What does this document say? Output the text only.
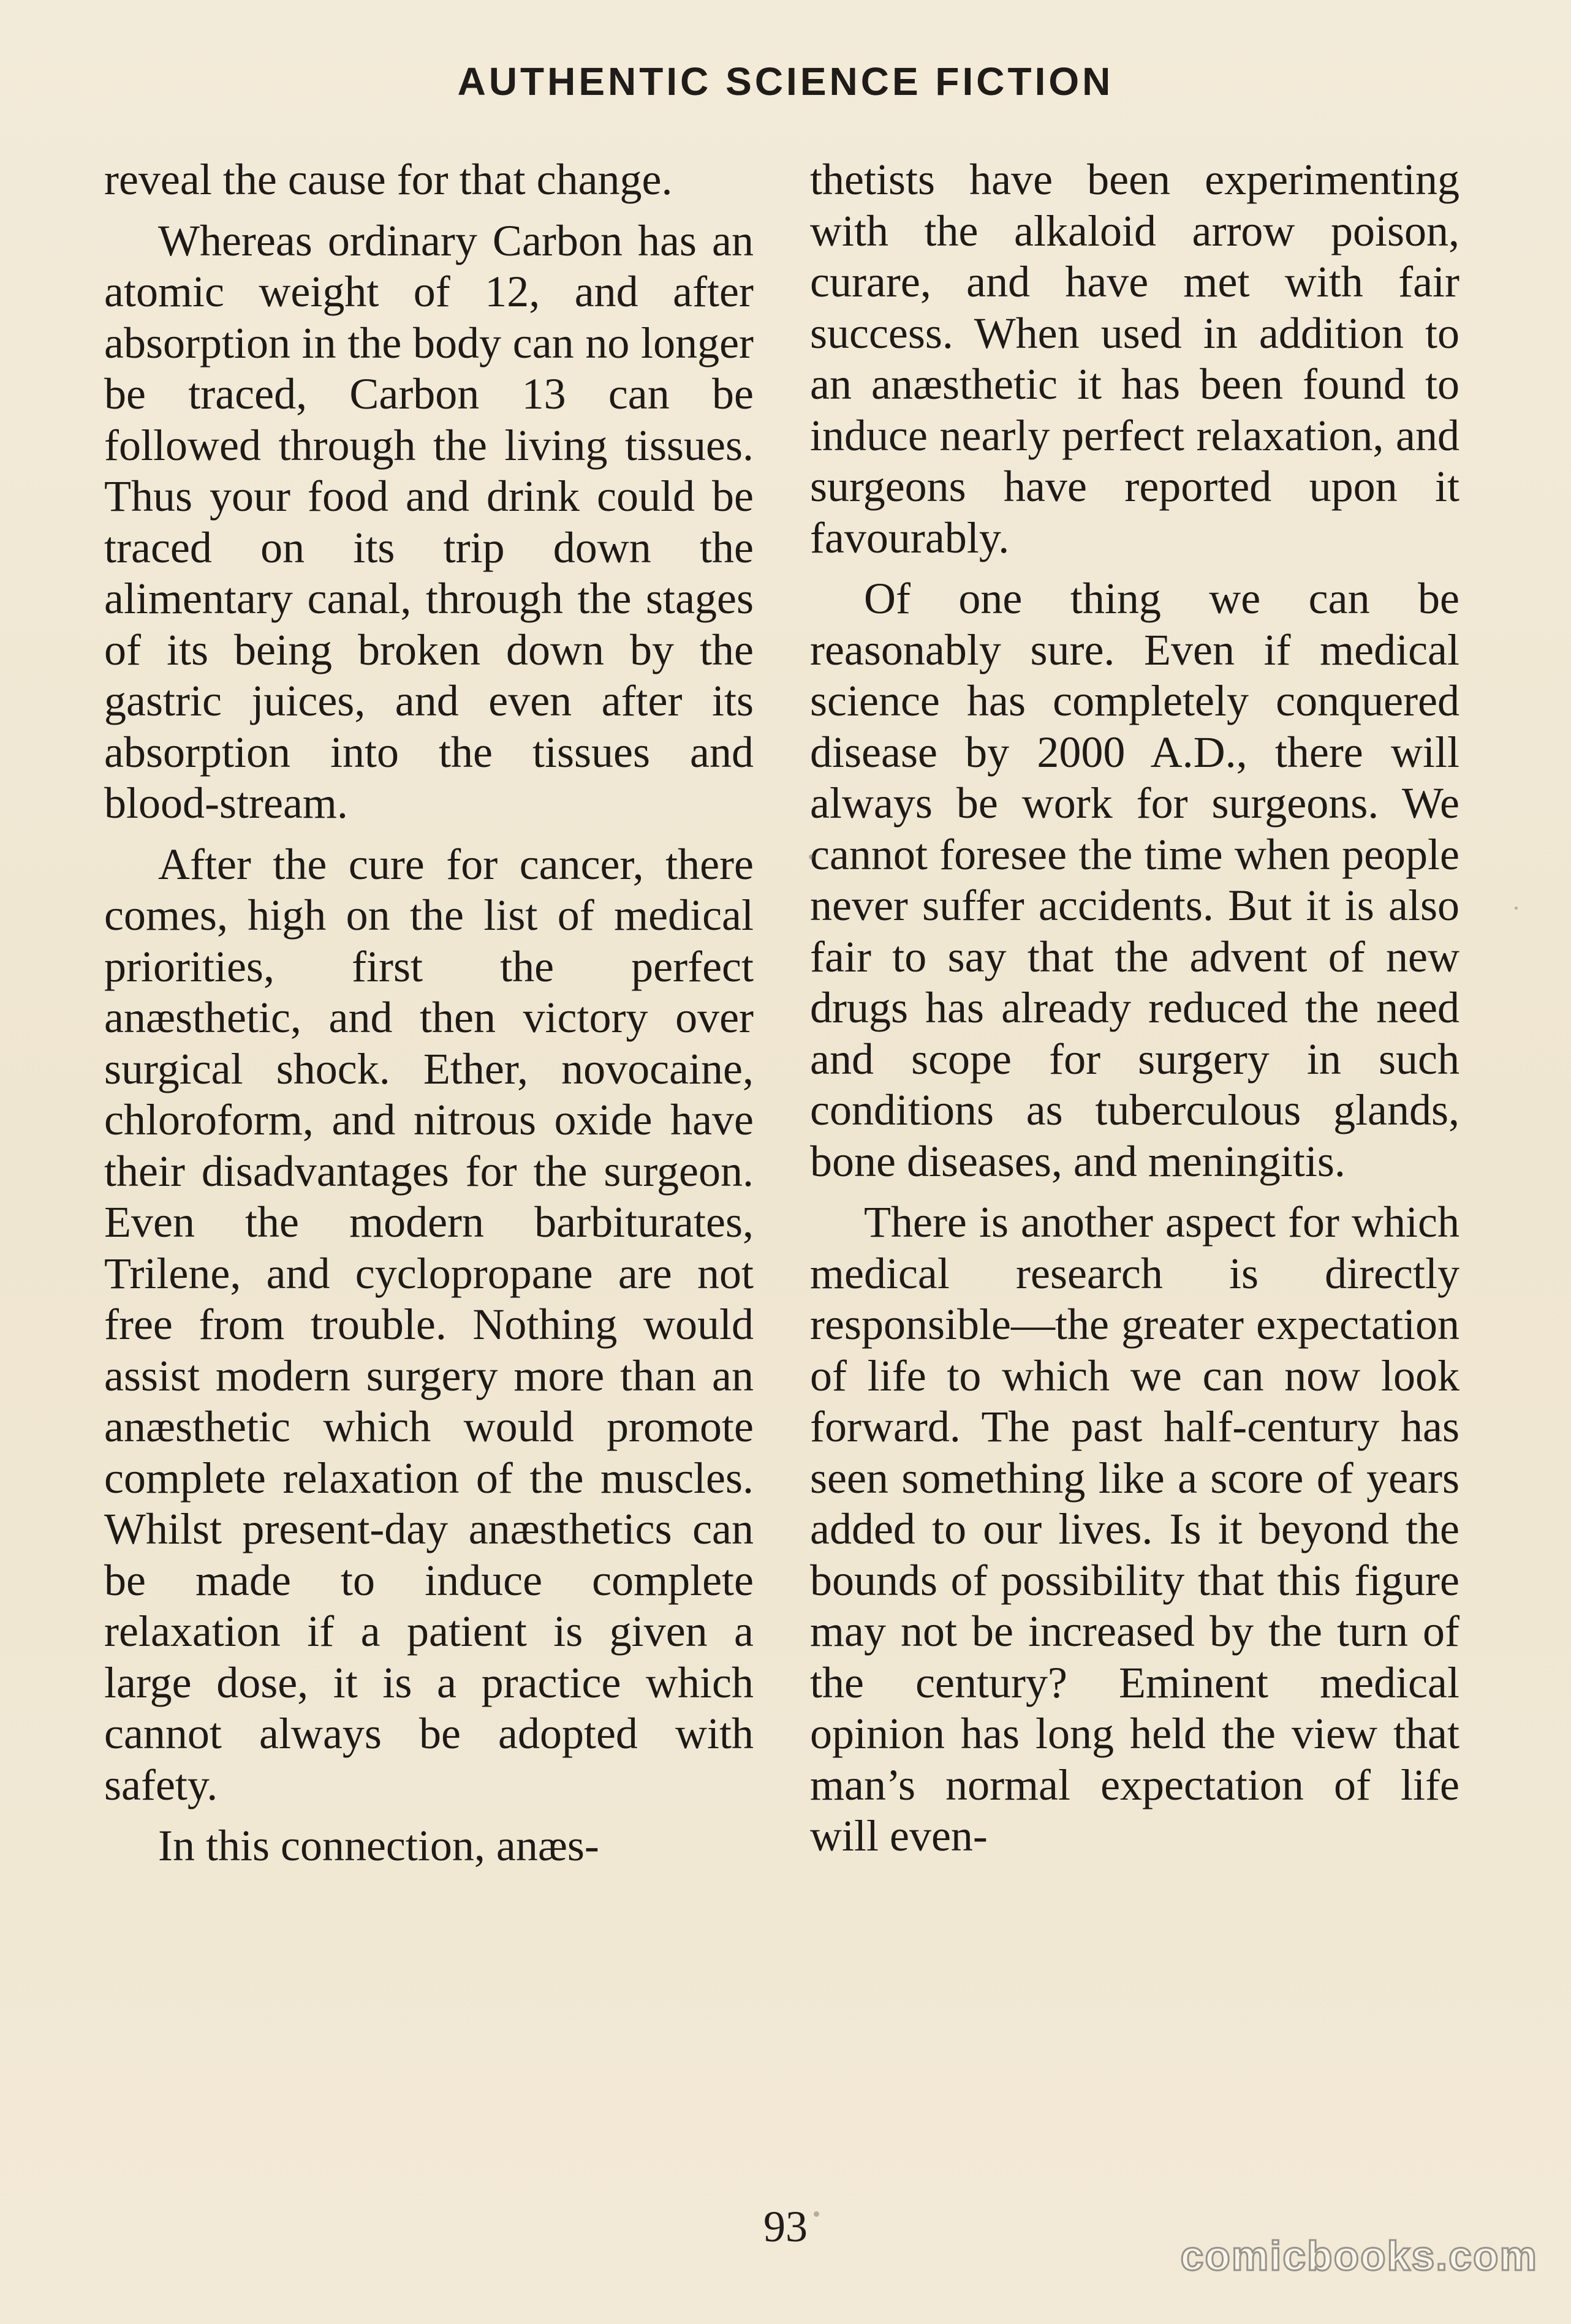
AUTHENTIC SCIENCE FICTION

reveal the cause for that change.

Whereas ordinary Carbon has an atomic weight of 12, and after absorption in the body can no longer be traced, Carbon 13 can be followed through the living tissues. Thus your food and drink could be traced on its trip down the alimentary canal, through the stages of its being broken down by the gastric juices, and even after its absorption into the tissues and blood-stream.

After the cure for cancer, there comes, high on the list of medical priorities, first the perfect anæsthetic, and then victory over surgical shock. Ether, novocaine, chloroform, and nitrous oxide have their disadvantages for the surgeon. Even the modern barbiturates, Trilene, and cyclopropane are not free from trouble. Nothing would assist modern surgery more than an anæsthetic which would promote complete relaxation of the muscles. Whilst present-day anæsthetics can be made to induce complete relaxation if a patient is given a large dose, it is a practice which cannot always be adopted with safety.

In this connection, anæs-

thetists have been experimenting with the alkaloid arrow poison, curare, and have met with fair success. When used in addition to an anæsthetic it has been found to induce nearly perfect relaxation, and surgeons have reported upon it favourably.

Of one thing we can be reasonably sure. Even if medical science has completely conquered disease by 2000 A.D., there will always be work for surgeons. We cannot foresee the time when people never suffer accidents. But it is also fair to say that the advent of new drugs has already reduced the need and scope for surgery in such conditions as tuberculous glands, bone diseases, and meningitis.

There is another aspect for which medical research is directly responsible—the greater expectation of life to which we can now look forward. The past half-century has seen something like a score of years added to our lives. Is it beyond the bounds of possibility that this figure may not be increased by the turn of the century? Eminent medical opinion has long held the view that man’s normal expectation of life will even-

93
comicbooks.com
